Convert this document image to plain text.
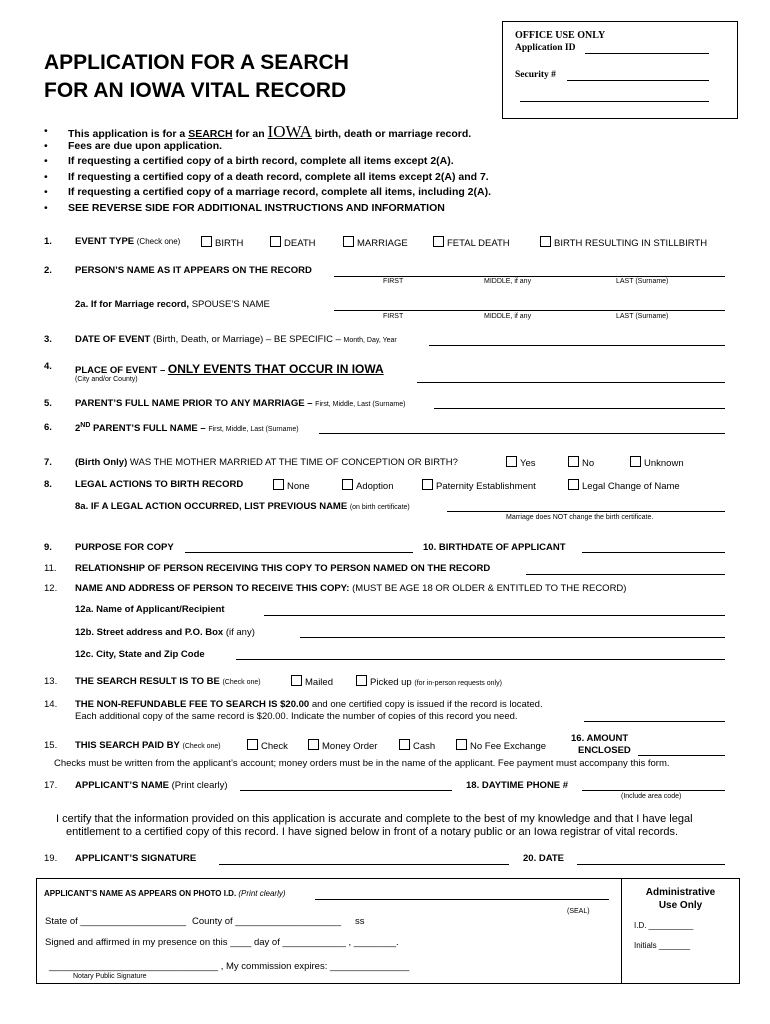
OFFICE USE ONLY
Application ID
Security #
APPLICATION FOR A SEARCH
FOR AN IOWA VITAL RECORD
• This application is for a SEARCH for an IOWA birth, death or marriage record.
• Fees are due upon application.
• If requesting a certified copy of a birth record, complete all items except 2(A).
• If requesting a certified copy of a death record, complete all items except 2(A) and 7.
• If requesting a certified copy of a marriage record, complete all items, including 2(A).
• SEE REVERSE SIDE FOR ADDITIONAL INSTRUCTIONS AND INFORMATION
1. EVENT TYPE (Check one)	BIRTH	DEATH	MARRIAGE	FETAL DEATH	BIRTH RESULTING IN STILLBIRTH
2. PERSON’S NAME AS IT APPEARS ON THE RECORD
FIRST	MIDDLE, if any	LAST (Surname)
2a. If for Marriage record, SPOUSE’S NAME
FIRST	MIDDLE, if any	LAST (Surname)
3. DATE OF EVENT (Birth, Death, or Marriage) – BE SPECIFIC – Month, Day, Year
4. PLACE OF EVENT – ONLY EVENTS THAT OCCUR IN IOWA
(City and/or County)
5. PARENT’S FULL NAME PRIOR TO ANY MARRIAGE – First, Middle, Last (Surname)
6. 2ND PARENT’S FULL NAME – First, Middle, Last (Surname)
7. (Birth Only) WAS THE MOTHER MARRIED AT THE TIME OF CONCEPTION OR BIRTH?	Yes	No	Unknown
8. LEGAL ACTIONS TO BIRTH RECORD	None	Adoption	Paternity Establishment	Legal Change of Name
8a. IF A LEGAL ACTION OCCURRED, LIST PREVIOUS NAME (on birth certificate)
Marriage does NOT change the birth certificate.
9. PURPOSE FOR COPY	10. BIRTHDATE OF APPLICANT
11. RELATIONSHIP OF PERSON RECEIVING THIS COPY TO PERSON NAMED ON THE RECORD
12. NAME AND ADDRESS OF PERSON TO RECEIVE THIS COPY: (MUST BE AGE 18 OR OLDER & ENTITLED TO THE RECORD)
12a. Name of Applicant/Recipient
12b. Street address and P.O. Box (if any)
12c. City, State and Zip Code
13. THE SEARCH RESULT IS TO BE (Check one)	Mailed	Picked up (for in-person requests only)
14. THE NON-REFUNDABLE FEE TO SEARCH IS $20.00 and one certified copy is issued if the record is located.
Each additional copy of the same record is $20.00. Indicate the number of copies of this record you need.
15. THIS SEARCH PAID BY (Check one)	Check	Money Order	Cash	No Fee Exchange
16. AMOUNT
ENCLOSED
Checks must be written from the applicant’s account; money orders must be in the name of the applicant. Fee payment must accompany this form.
17. APPLICANT’S NAME (Print clearly)	18. DAYTIME PHONE #
(Include area code)
I certify that the information provided on this application is accurate and complete to the best of my knowledge and that I have legal
entitlement to a certified copy of this record. I have signed below in front of a notary public or an Iowa registrar of vital records.
19. APPLICANT’S SIGNATURE	20. DATE
APPLICANT’S NAME AS APPEARS ON PHOTO I.D. (Print clearly)
(SEAL)
State of ____________________ County of ____________________ ss
Signed and affirmed in my presence on this ____ day of ____________ , ________.
________________________________ , My commission expires: _______________
Notary Public Signature
Administrative
Use Only
I.D. __________
Initials _______
